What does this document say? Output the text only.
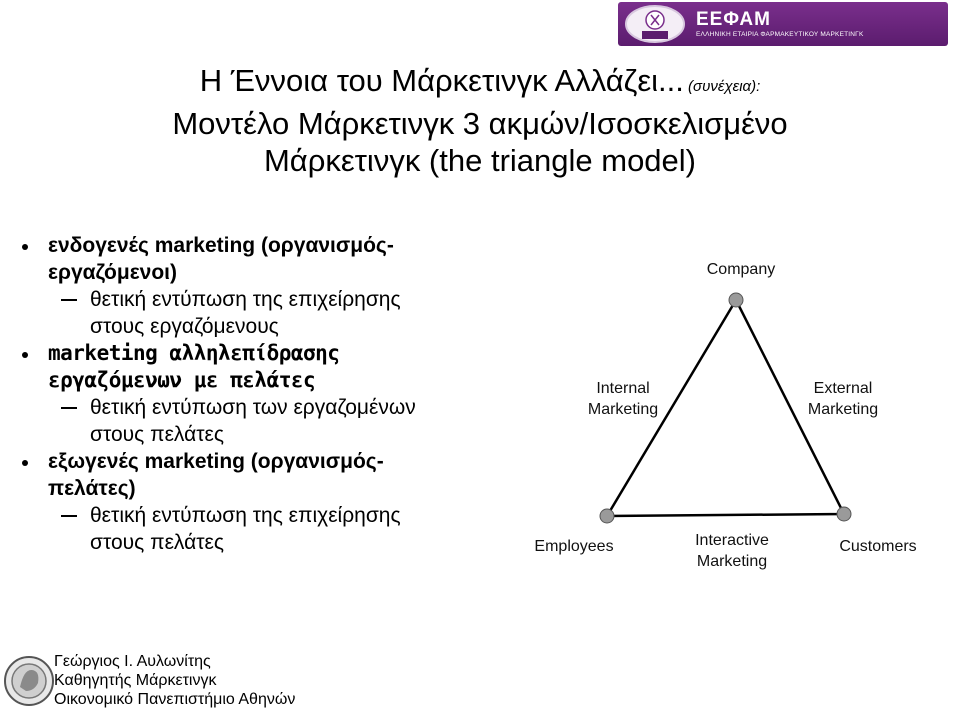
ΕΕΦΑΜ
ΕΛΛΗΝΙΚΗ ΕΤΑΙΡΙΑ ΦΑΡΜΑΚΕΥΤΙΚΟΥ ΜΑΡΚΕΤΙΝΓΚ
Η Έννοια του Μάρκετινγκ Αλλάζει... (συνέχεια):
Μοντέλο Μάρκετινγκ 3 ακμών/Ισοσκελισμένο
Μάρκετινγκ (the triangle model)
ενδογενές marketing (οργανισμός-
εργαζόμενοι)
θετική εντύπωση της επιχείρησης
στους εργαζόμενους
marketing αλληλεπίδρασης
εργαζόμενων με πελάτες
θετική εντύπωση των εργαζομένων
στους πελάτες
εξωγενές marketing (οργανισμός-
πελάτες)
θετική εντύπωση της επιχείρησης
στους πελάτες
Company
Employees	Customers
Internal
Marketing
External
Marketing
Interactive
Marketing
Γεώργιος Ι. Αυλωνίτης
Καθηγητής Μάρκετινγκ
Οικονομικό Πανεπιστήμιο Αθηνών
